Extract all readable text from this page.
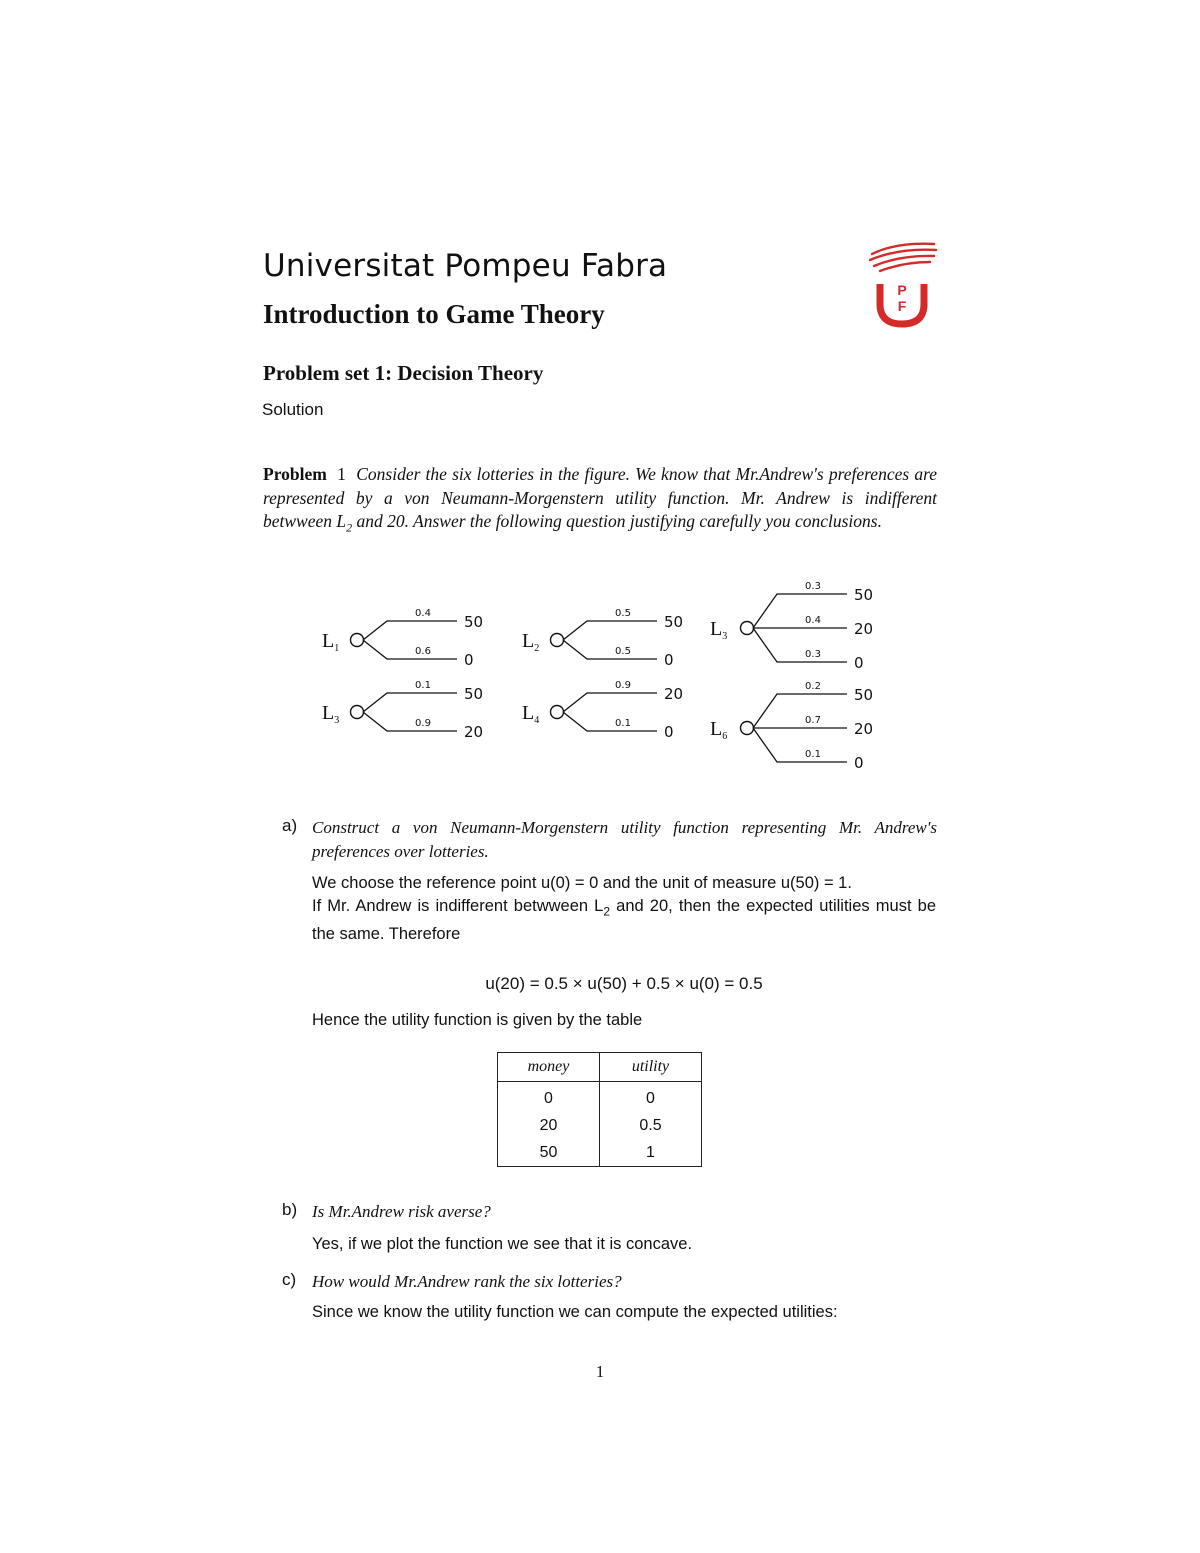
Universitat Pompeu Fabra
Introduction to Game Theory
Problem set 1: Decision Theory
Solution
P
F
Problem 1 Consider the six lotteries in the figure. We know that Mr.Andrew's preferences are represented by a von Neumann-Morgenstern utility function. Mr. Andrew is indifferent betwween $L_2$ and 20. Answer the following question justifying carefully you conclusions.
$L_1$
0.4 50
0.6 0
$L_2$
0.5 50
0.5 0
$L_3$
0.3 50
0.4 20
0.3 0
$L_3$
0.1 50
0.9 20
$L_4$
0.9 20
0.1 0 $L_6$
0.2 50
0.7 20
0.1 0
a) Construct a von Neumann-Morgenstern utility function representing Mr. Andrew's preferences over lotteries.
We choose the reference point u(0) = 0 and the unit of measure u(50) = 1.
If Mr. Andrew is indifferent betwween $L_2$ and 20, then the expected utilities must be the same. Therefore
u(20) = 0.5 × u(50) + 0.5 × u(0) = 0.5
Hence the utility function is given by the table
money	utility
0	0
20	0.5
50	1
b) Is Mr.Andrew risk averse?
Yes, if we plot the function we see that it is concave.
c) How would Mr.Andrew rank the six lotteries?
Since we know the utility function we can compute the expected utilities:
1
